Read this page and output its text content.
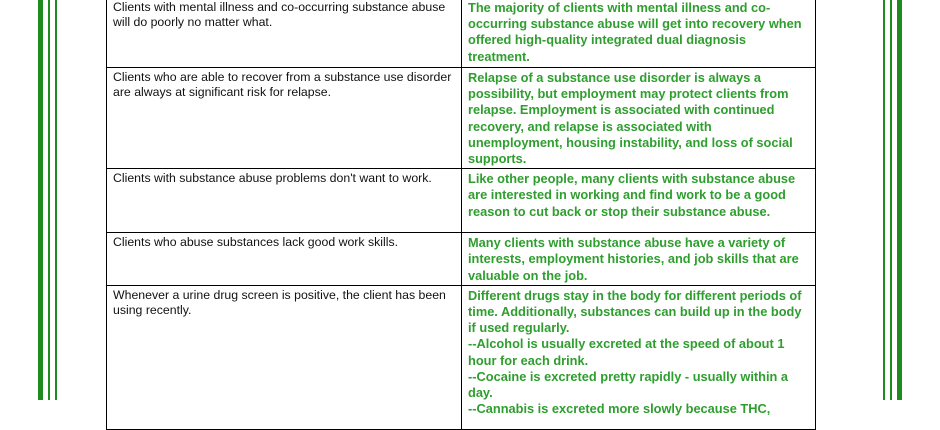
Clients with mental illness and co-occurring substance abuse will do poorly no matter what.	The majority of clients with mental illness and co-occurring substance abuse will get into recovery when offered high-quality integrated dual diagnosis treatment.
Clients who are able to recover from a substance use disorder are always at significant risk for relapse.	Relapse of a substance use disorder is always a possibility, but employment may protect clients from relapse. Employment is associated with continued recovery, and relapse is associated with unemployment, housing instability, and loss of social supports.
Clients with substance abuse problems don't want to work.	Like other people, many clients with substance abuse are interested in working and find work to be a good reason to cut back or stop their substance abuse.
Clients who abuse substances lack good work skills.	Many clients with substance abuse have a variety of interests, employment histories, and job skills that are valuable on the job.
Whenever a urine drug screen is positive, the client has been using recently.	Different drugs stay in the body for different periods of time. Additionally, substances can build up in the body if used regularly.

--Alcohol is usually excreted at the speed of about 1 hour for each drink.

--Cocaine is excreted pretty rapidly - usually within a day.

--Cannabis is excreted more slowly because THC,
